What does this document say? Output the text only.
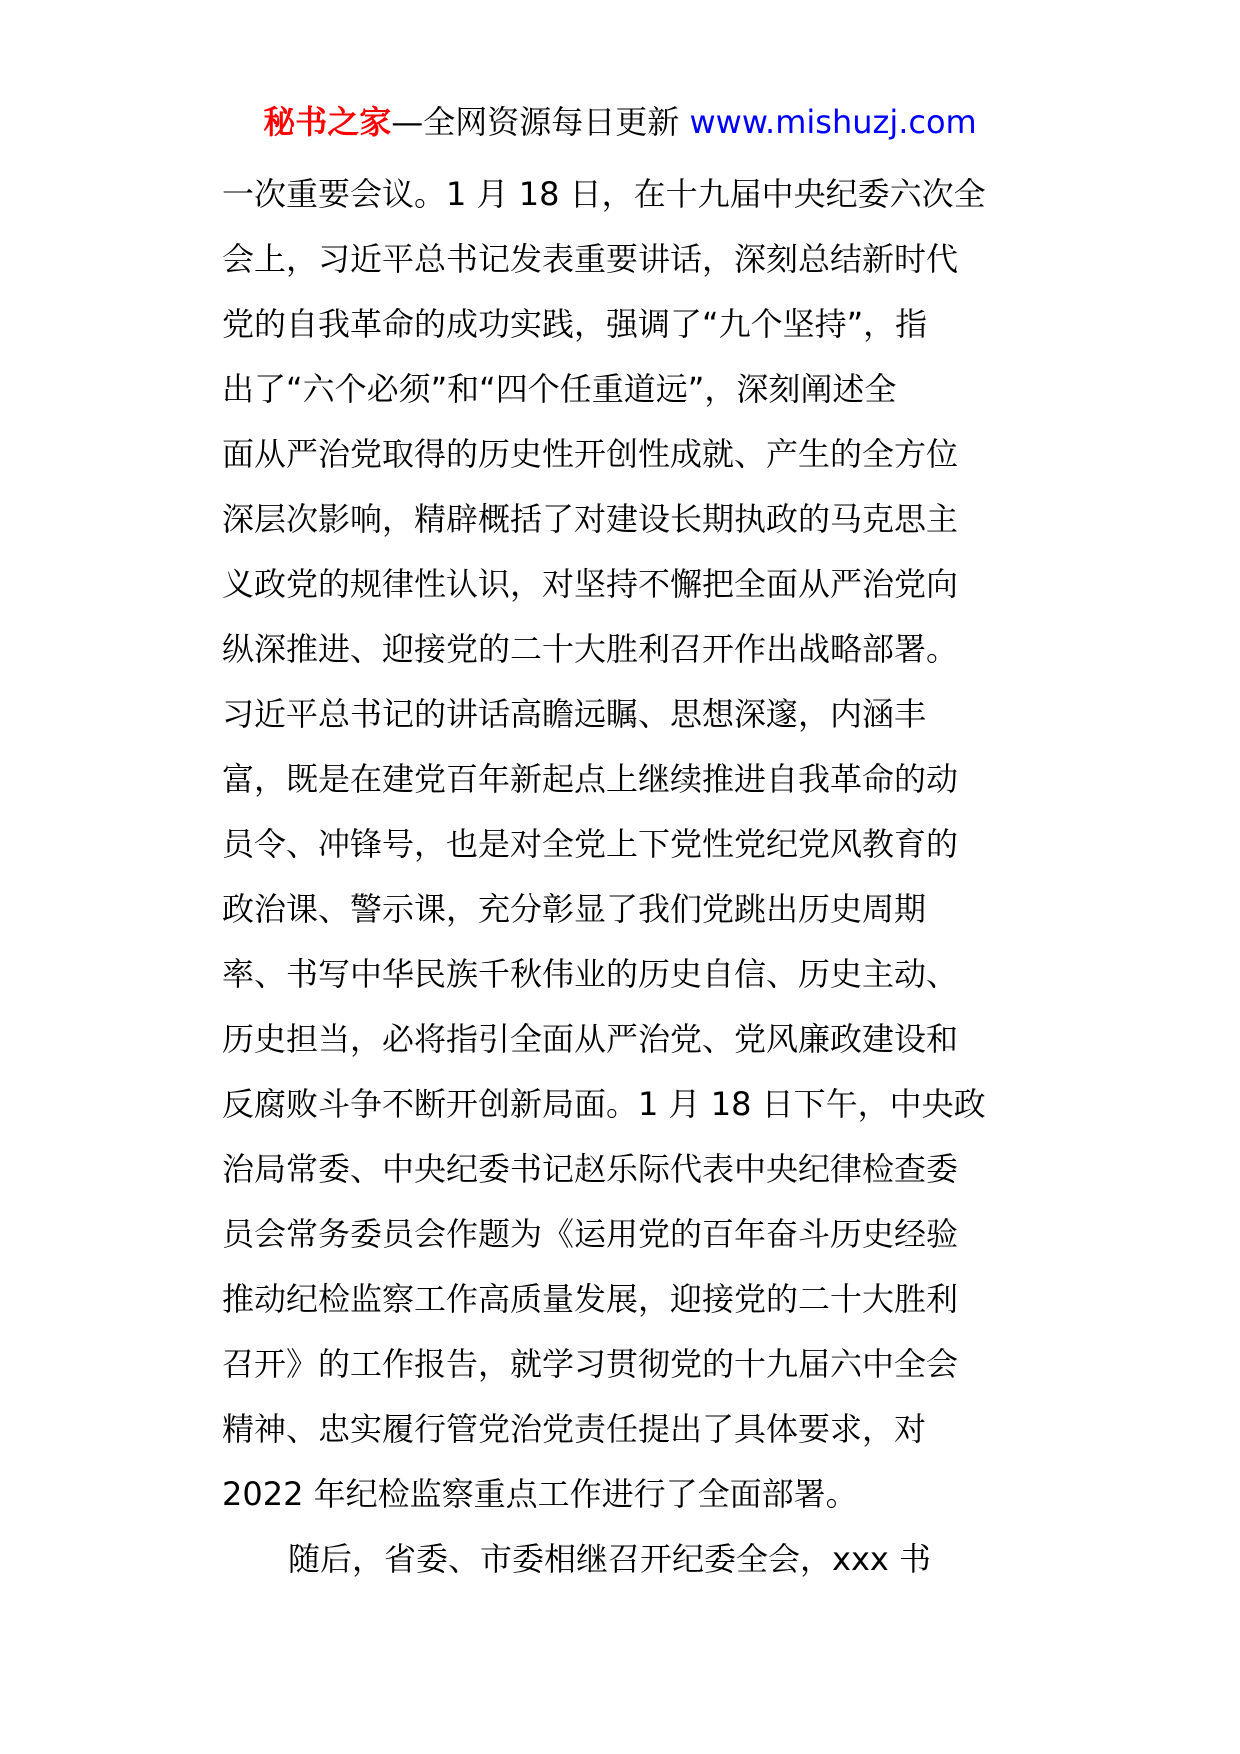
秘书之家—全网资源每日更新 www.mishuzj.com
一次重要会议。1 月 18 日，在十九届中央纪委六次全
会上，习近平总书记发表重要讲话，深刻总结新时代
党的自我革命的成功实践，强调了“九个坚持”，指
出了“六个必须”和“四个任重道远”，深刻阐述全
面从严治党取得的历史性开创性成就、产生的全方位
深层次影响，精辟概括了对建设长期执政的马克思主
义政党的规律性认识，对坚持不懈把全面从严治党向
纵深推进、迎接党的二十大胜利召开作出战略部署。
习近平总书记的讲话高瞻远瞩、思想深邃，内涵丰
富，既是在建党百年新起点上继续推进自我革命的动
员令、冲锋号，也是对全党上下党性党纪党风教育的
政治课、警示课，充分彰显了我们党跳出历史周期
率、书写中华民族千秋伟业的历史自信、历史主动、
历史担当，必将指引全面从严治党、党风廉政建设和
反腐败斗争不断开创新局面。1 月 18 日下午，中央政
治局常委、中央纪委书记赵乐际代表中央纪律检查委
员会常务委员会作题为《运用党的百年奋斗历史经验
推动纪检监察工作高质量发展，迎接党的二十大胜利
召开》的工作报告，就学习贯彻党的十九届六中全会
精神、忠实履行管党治党责任提出了具体要求，对
2022 年纪检监察重点工作进行了全面部署。
随后，省委、市委相继召开纪委全会，xxx 书
